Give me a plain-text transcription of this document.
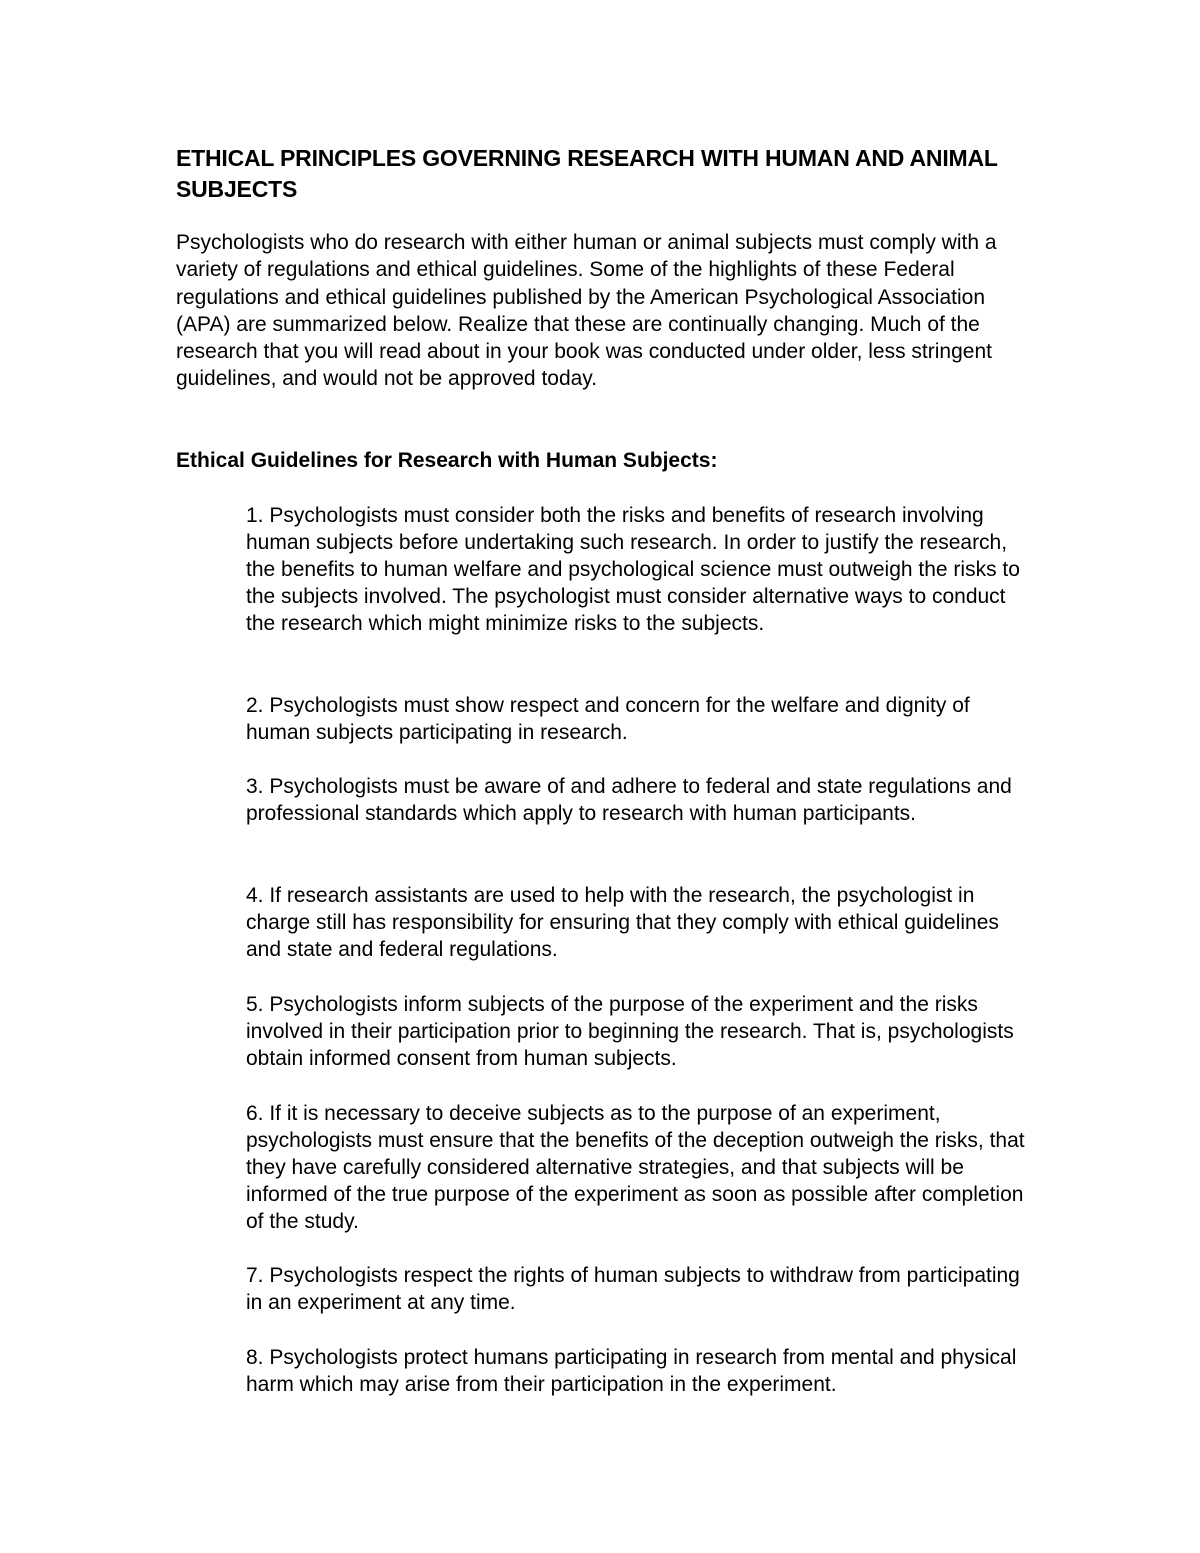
ETHICAL PRINCIPLES GOVERNING RESEARCH WITH HUMAN AND ANIMAL SUBJECTS

Psychologists who do research with either human or animal subjects must comply with a variety of regulations and ethical guidelines. Some of the highlights of these Federal regulations and ethical guidelines published by the American Psychological Association (APA) are summarized below. Realize that these are continually changing. Much of the research that you will read about in your book was conducted under older, less stringent guidelines, and would not be approved today.

Ethical Guidelines for Research with Human Subjects:

1. Psychologists must consider both the risks and benefits of research involving human subjects before undertaking such research. In order to justify the research, the benefits to human welfare and psychological science must outweigh the risks to the subjects involved. The psychologist must consider alternative ways to conduct the research which might minimize risks to the subjects.

2. Psychologists must show respect and concern for the welfare and dignity of human subjects participating in research.

3. Psychologists must be aware of and adhere to federal and state regulations and professional standards which apply to research with human participants.

4. If research assistants are used to help with the research, the psychologist in charge still has responsibility for ensuring that they comply with ethical guidelines and state and federal regulations.

5. Psychologists inform subjects of the purpose of the experiment and the risks involved in their participation prior to beginning the research. That is, psychologists obtain informed consent from human subjects.

6. If it is necessary to deceive subjects as to the purpose of an experiment, psychologists must ensure that the benefits of the deception outweigh the risks, that they have carefully considered alternative strategies, and that subjects will be informed of the true purpose of the experiment as soon as possible after completion of the study.

7. Psychologists respect the rights of human subjects to withdraw from participating in an experiment at any time.

8. Psychologists protect humans participating in research from mental and physical harm which may arise from their participation in the experiment.
